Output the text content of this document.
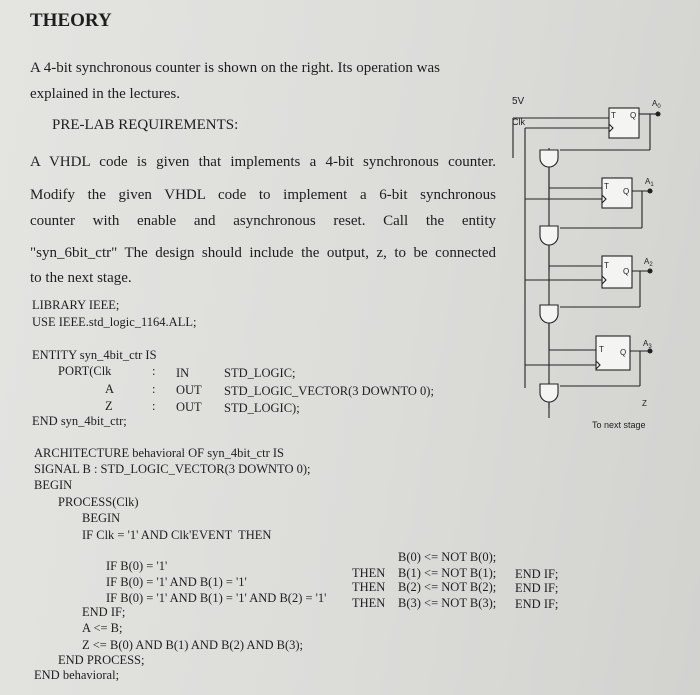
THEORY
A 4-bit synchronous counter is shown on the right. Its operation was
explained in the lectures.
PRE-LAB REQUIREMENTS:
A VHDL code is given that implements a 4-bit synchronous counter.
Modify the given VHDL code to implement a 6-bit synchronous
counter with enable and asynchronous reset. Call the entity
"syn_6bit_ctr" The design should include the output, z, to be connected
to the next stage.
LIBRARY IEEE;
USE IEEE.std_logic_1164.ALL;
ENTITY syn_4bit_ctr IS
PORT(Clk
A
Z
:
:
:
IN
OUT
OUT
STD_LOGIC;
STD_LOGIC_VECTOR(3 DOWNTO 0);
STD_LOGIC);
END syn_4bit_ctr;
ARCHITECTURE behavioral OF syn_4bit_ctr IS
SIGNAL B : STD_LOGIC_VECTOR(3 DOWNTO 0);
BEGIN
PROCESS(Clk)
BEGIN
IF Clk = '1' AND Clk'EVENT  THEN
B(0) <= NOT B(0);
IF B(0) = '1'	THEN B(1) <= NOT B(1); END IF;
IF B(0) = '1' AND B(1) = '1'	THEN B(2) <= NOT B(2); END IF;
IF B(0) = '1' AND B(1) = '1' AND B(2) = '1' THEN B(3) <= NOT B(3); END IF;
END IF;
A <= B;
Z <= B(0) AND B(1) AND B(2) AND B(3);
END PROCESS;
END behavioral;
5V
Clk
T Q
$A_0$
T
Q
$A_1$
T
Q
$A_2$
T Q
$A_3$
Z
To next stage
